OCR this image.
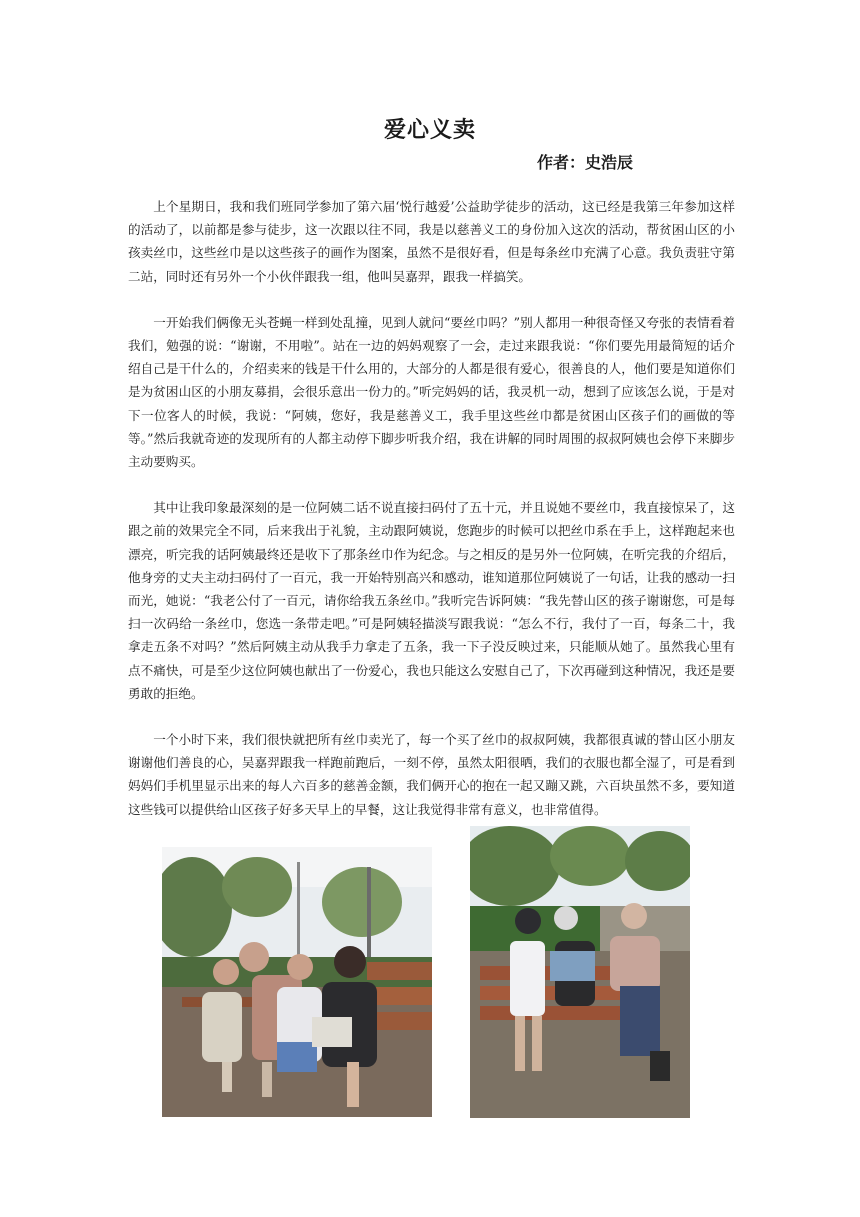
爱心义卖
作者：史浩辰

上个星期日，我和我们班同学参加了第六届‘悦行越爱’公益助学徒步的活动，这已经是我第三年参加这样的活动了，以前都是参与徒步，这一次跟以往不同，我是以慈善义工的身份加入这次的活动，帮贫困山区的小孩卖丝巾，这些丝巾是以这些孩子的画作为图案，虽然不是很好看，但是每条丝巾充满了心意。我负责驻守第二站，同时还有另外一个小伙伴跟我一组，他叫吴嘉羿，跟我一样搞笑。

一开始我们俩像无头苍蝇一样到处乱撞，见到人就问“要丝巾吗？”别人都用一种很奇怪又夸张的表情看着我们，勉强的说：“谢谢，不用啦”。站在一边的妈妈观察了一会，走过来跟我说：“你们要先用最简短的话介绍自己是干什么的，介绍卖来的钱是干什么用的，大部分的人都是很有爱心，很善良的人，他们要是知道你们是为贫困山区的小朋友募捐，会很乐意出一份力的。”听完妈妈的话，我灵机一动，想到了应该怎么说，于是对下一位客人的时候，我说：“阿姨，您好，我是慈善义工，我手里这些丝巾都是贫困山区孩子们的画做的等等。”然后我就奇迹的发现所有的人都主动停下脚步听我介绍，我在讲解的同时周围的叔叔阿姨也会停下来脚步主动要购买。

其中让我印象最深刻的是一位阿姨二话不说直接扫码付了五十元，并且说她不要丝巾，我直接惊呆了，这跟之前的效果完全不同，后来我出于礼貌，主动跟阿姨说，您跑步的时候可以把丝巾系在手上，这样跑起来也漂亮，听完我的话阿姨最终还是收下了那条丝巾作为纪念。与之相反的是另外一位阿姨，在听完我的介绍后，他身旁的丈夫主动扫码付了一百元，我一开始特别高兴和感动，谁知道那位阿姨说了一句话，让我的感动一扫而光，她说：“我老公付了一百元，请你给我五条丝巾。”我听完告诉阿姨：“我先替山区的孩子谢谢您，可是每扫一次码给一条丝巾，您选一条带走吧。”可是阿姨轻描淡写跟我说：“怎么不行，我付了一百，每条二十，我拿走五条不对吗？”然后阿姨主动从我手力拿走了五条，我一下子没反映过来，只能顺从她了。虽然我心里有点不痛快，可是至少这位阿姨也献出了一份爱心，我也只能这么安慰自己了，下次再碰到这种情况，我还是要勇敢的拒绝。

一个小时下来，我们很快就把所有丝巾卖光了，每一个买了丝巾的叔叔阿姨，我都很真诚的替山区小朋友谢谢他们善良的心，吴嘉羿跟我一样跑前跑后，一刻不停，虽然太阳很晒，我们的衣服也都全湿了，可是看到妈妈们手机里显示出来的每人六百多的慈善金额，我们俩开心的抱在一起又蹦又跳，六百块虽然不多，要知道这些钱可以提供给山区孩子好多天早上的早餐，这让我觉得非常有意义，也非常值得。
